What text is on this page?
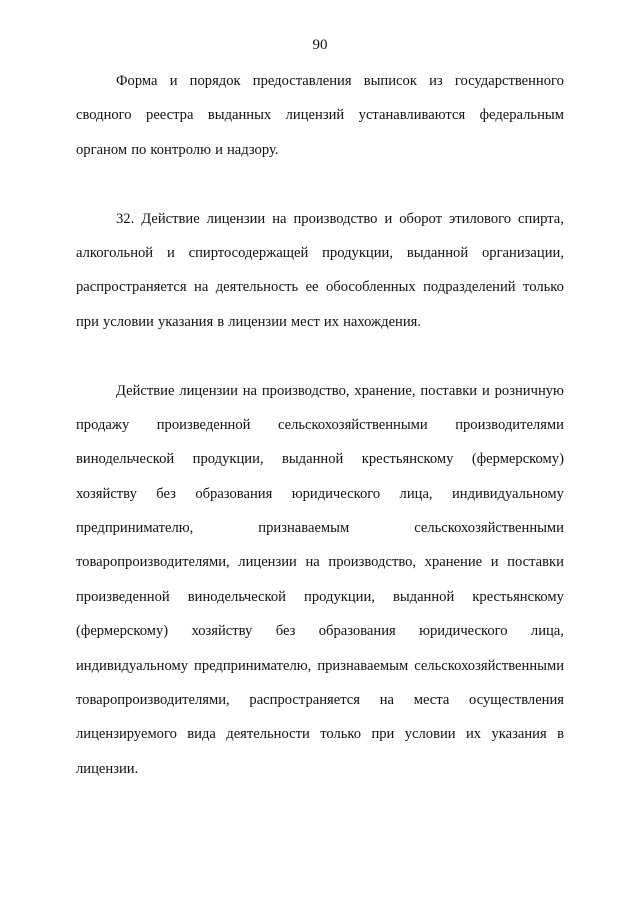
90
Форма и порядок предоставления выписок из государственного
сводного реестра выданных лицензий устанавливаются федеральным
органом по контролю и надзору.
32. Действие лицензии на производство и оборот этилового спирта,
алкогольной и спиртосодержащей продукции, выданной организации,
распространяется на деятельность ее обособленных подразделений только
при условии указания в лицензии мест их нахождения.
Действие лицензии на производство, хранение, поставки и розничную
продажу произведенной сельскохозяйственными производителями
винодельческой продукции, выданной крестьянскому (фермерскому)
хозяйству без образования юридического лица, индивидуальному
предпринимателю,	признаваемым	сельскохозяйственными
товаропроизводителями, лицензии на производство, хранение и поставки
произведенной винодельческой продукции, выданной крестьянскому
(фермерскому) хозяйству без образования юридического лица,
индивидуальному предпринимателю, признаваемым сельскохозяйственными
товаропроизводителями, распространяется на места осуществления
лицензируемого вида деятельности только при условии их указания в
лицензии.
